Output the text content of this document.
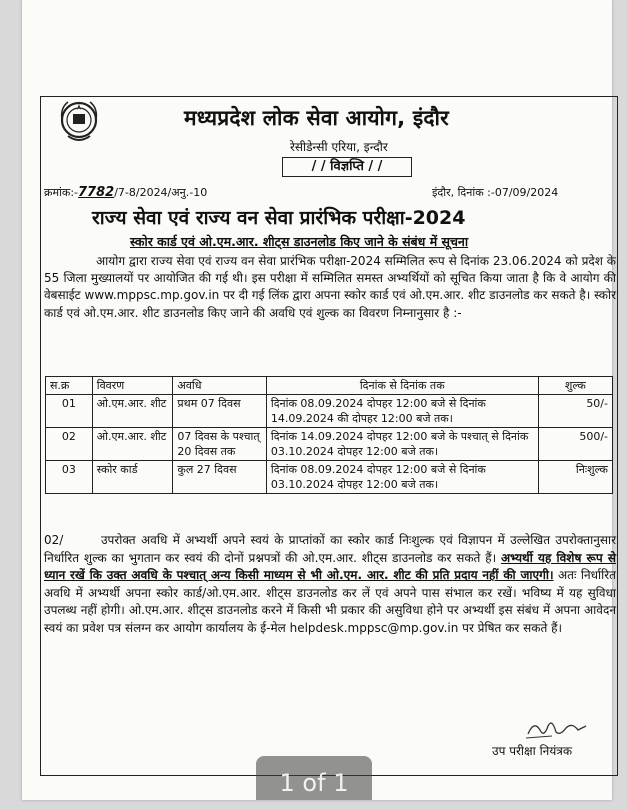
मध्यप्रदेश लोक सेवा आयोग, इंदौर
रेसीडेन्सी एरिया, इन्दौर
/ / विज्ञप्ति / /
क्रमांक:-7782/7-8/2024/अनु.-10	इंदौर, दिनांक :-07/09/2024
राज्य सेवा एवं राज्य वन सेवा प्रारंभिक परीक्षा-2024
स्कोर कार्ड एवं ओ.एम.आर. शीट्स डाउनलोड किए जाने के संबंध में सूचना
आयोग द्वारा राज्य सेवा एवं राज्य वन सेवा प्रारंभिक परीक्षा-2024 सम्मिलित रूप से दिनांक 23.06.2024 को प्रदेश के 55 जिला मुख्यालयों पर आयोजित की गई थी। इस परीक्षा में सम्मिलित समस्त अभ्यर्थियों को सूचित किया जाता है कि वे आयोग की वेबसाईट www.mppsc.mp.gov.in पर दी गई लिंक द्वारा अपना स्कोर कार्ड एवं ओ.एम.आर. शीट डाउनलोड कर सकते है। स्कोर कार्ड एवं ओ.एम.आर. शीट डाउनलोड किए जाने की अवधि एवं शुल्क का विवरण निम्नानुसार है :-
स.क्र	विवरण	अवधि	दिनांक से दिनांक तक	शुल्क
01	ओ.एम.आर. शीट	प्रथम 07 दिवस	दिनांक 08.09.2024 दोपहर 12:00 बजे से दिनांक 14.09.2024 की दोपहर 12:00 बजे तक।	50/-
02	ओ.एम.आर. शीट	07 दिवस के पश्चात् 20 दिवस तक	दिनांक 14.09.2024 दोपहर 12:00 बजे के पश्चात् से दिनांक 03.10.2024 दोपहर 12:00 बजे तक।	500/-
03	स्कोर कार्ड	कुल 27 दिवस	दिनांक 08.09.2024 दोपहर 12:00 बजे से दिनांक 03.10.2024 दोपहर 12:00 बजे तक।	निःशुल्क
02/	उपरोक्त अवधि में अभ्यर्थी अपने स्वयं के प्राप्तांकों का स्कोर कार्ड निःशुल्क एवं विज्ञापन में उल्लेखित उपरोक्तानुसार निर्धारित शुल्क का भुगतान कर स्वयं की दोनों प्रश्नपत्रों की ओ.एम.आर. शीट्स डाउनलोड कर सकते हैं। अभ्यर्थी यह विशेष रूप से ध्यान रखें कि उक्त अवधि के पश्चात् अन्य किसी माध्यम से भी ओ.एम. आर. शीट की प्रति प्रदाय नहीं की जाएगी। अतः निर्धारित अवधि में अभ्यर्थी अपना स्कोर कार्ड/ओ.एम.आर. शीट्स डाउनलोड कर लें एवं अपने पास संभाल कर रखें। भविष्य में यह सुविधा उपलब्ध नहीं होगी। ओ.एम.आर. शीट्स डाउनलोड करने में किसी भी प्रकार की असुविधा होने पर अभ्यर्थी इस संबंध में अपना आवेदन स्वयं का प्रवेश पत्र संलग्न कर आयोग कार्यालय के ई-मेल helpdesk.mppsc@mp.gov.in पर प्रेषित कर सकते हैं।
उप परीक्षा नियंत्रक
1 of 1
